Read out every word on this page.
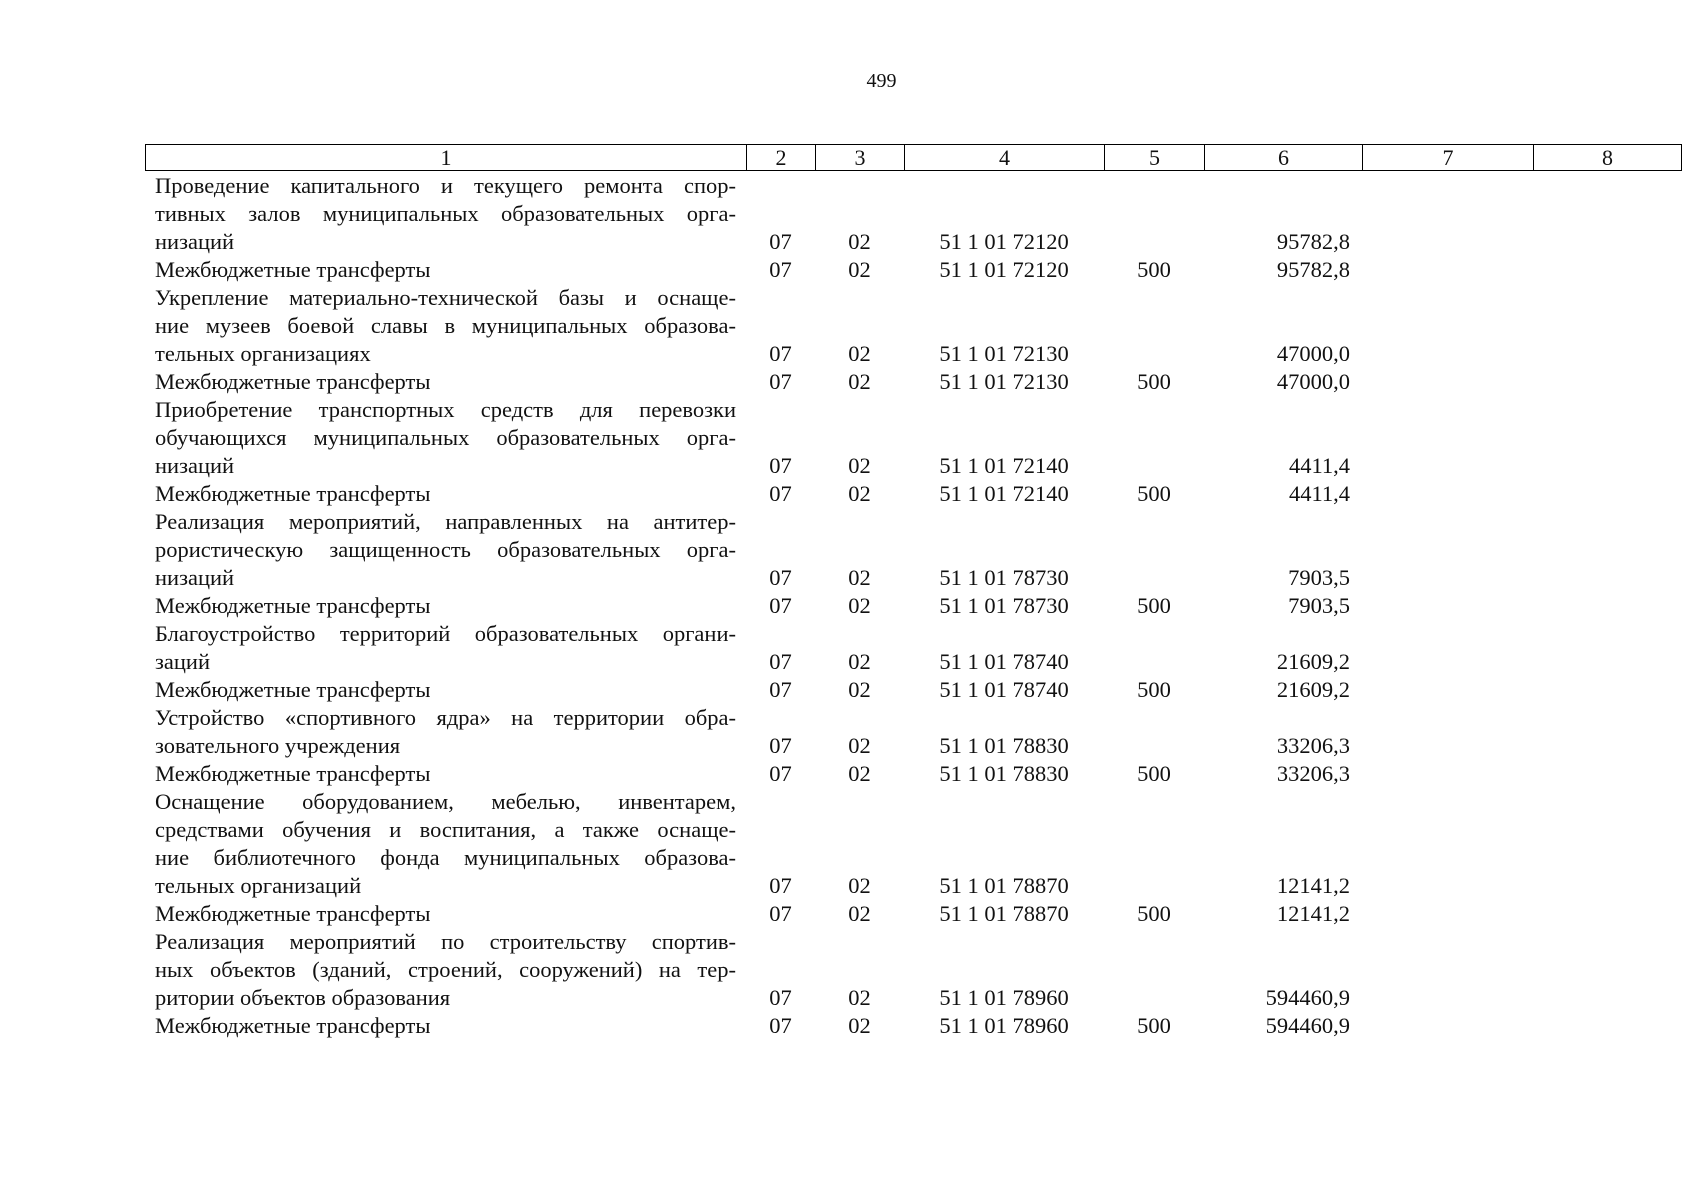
499
1	2	3	4	5	6	7	8
Проведение капитального и текущего ремонта спор-
тивных залов муниципальных образовательных орга-
низаций	07	02	51 1 01 72120		95782,8		

Межбюджетные трансферты	07	02	51 1 01 72120	500	95782,8		

Укрепление материально-технической базы и оснаще-
ние музеев боевой славы в муниципальных образова-
тельных организациях	07	02	51 1 01 72130		47000,0		

Межбюджетные трансферты	07	02	51 1 01 72130	500	47000,0		

Приобретение транспортных средств для перевозки
обучающихся муниципальных образовательных орга-
низаций	07	02	51 1 01 72140		4411,4		

Межбюджетные трансферты	07	02	51 1 01 72140	500	4411,4		

Реализация мероприятий, направленных на антитер-
рористическую защищенность образовательных орга-
низаций	07	02	51 1 01 78730		7903,5		

Межбюджетные трансферты	07	02	51 1 01 78730	500	7903,5		

Благоустройство территорий образовательных органи-
заций	07	02	51 1 01 78740		21609,2		

Межбюджетные трансферты	07	02	51 1 01 78740	500	21609,2		

Устройство «спортивного ядра» на территории обра-
зовательного учреждения	07	02	51 1 01 78830		33206,3		

Межбюджетные трансферты	07	02	51 1 01 78830	500	33206,3		

Оснащение оборудованием, мебелью, инвентарем,
средствами обучения и воспитания, а также оснаще-
ние библиотечного фонда муниципальных образова-
тельных организаций	07	02	51 1 01 78870		12141,2		

Межбюджетные трансферты	07	02	51 1 01 78870	500	12141,2		

Реализация мероприятий по строительству спортив-
ных объектов (зданий, строений, сооружений) на тер-
ритории объектов образования	07	02	51 1 01 78960		594460,9		

Межбюджетные трансферты	07	02	51 1 01 78960	500	594460,9		
